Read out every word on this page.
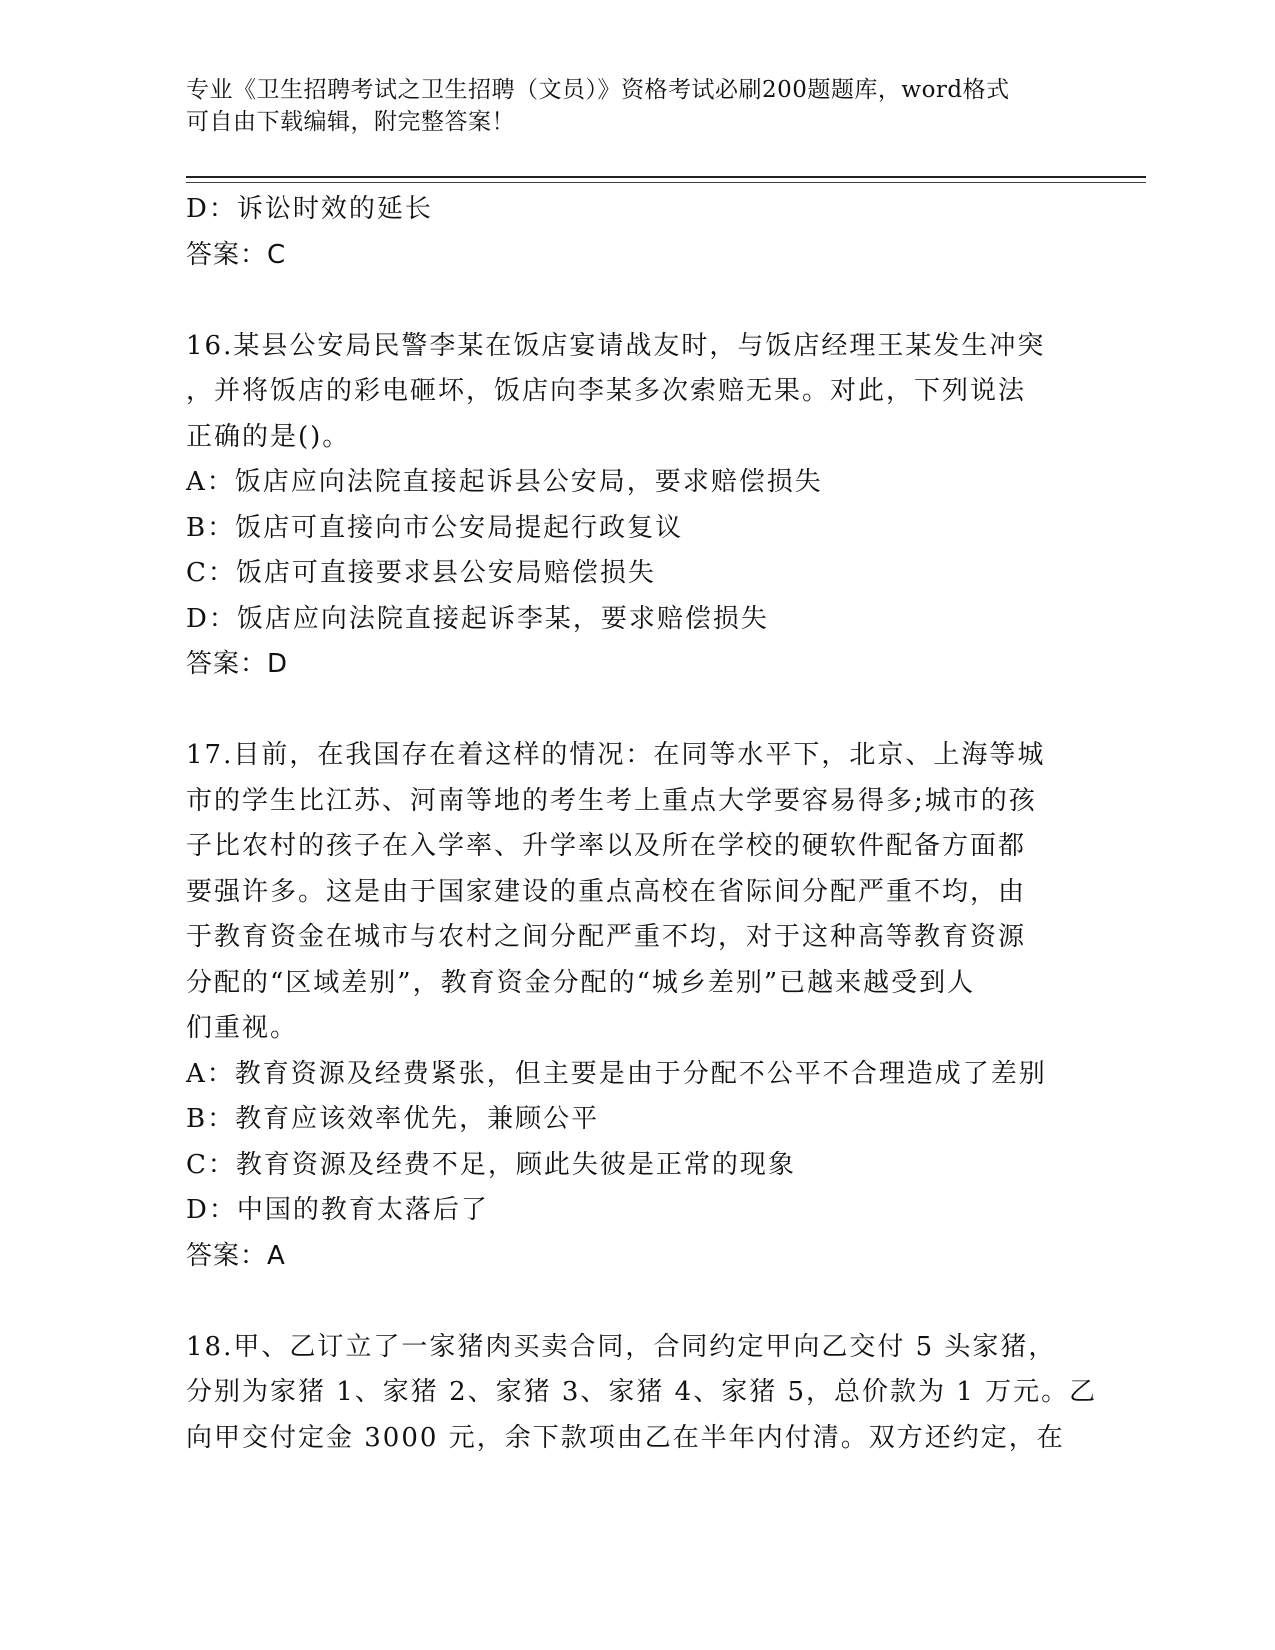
专业《卫生招聘考试之卫生招聘（文员）》资格考试必刷200题题库，word格式
可自由下载编辑，附完整答案！
D：诉讼时效的延长
答案：C
16.某县公安局民警李某在饭店宴请战友时，与饭店经理王某发生冲突
，并将饭店的彩电砸坏，饭店向李某多次索赔无果。对此，下列说法
正确的是()。
A：饭店应向法院直接起诉县公安局，要求赔偿损失
B：饭店可直接向市公安局提起行政复议
C：饭店可直接要求县公安局赔偿损失
D：饭店应向法院直接起诉李某，要求赔偿损失
答案：D
17.目前，在我国存在着这样的情况：在同等水平下，北京、上海等城
市的学生比江苏、河南等地的考生考上重点大学要容易得多;城市的孩
子比农村的孩子在入学率、升学率以及所在学校的硬软件配备方面都
要强许多。这是由于国家建设的重点高校在省际间分配严重不均，由
于教育资金在城市与农村之间分配严重不均，对于这种高等教育资源
分配的“区域差别”，教育资金分配的“城乡差别”已越来越受到人
们重视。
A：教育资源及经费紧张，但主要是由于分配不公平不合理造成了差别
B：教育应该效率优先，兼顾公平
C：教育资源及经费不足，顾此失彼是正常的现象
D：中国的教育太落后了
答案：A
18.甲、乙订立了一家猪肉买卖合同，合同约定甲向乙交付 5 头家猪，
分别为家猪 1、家猪 2、家猪 3、家猪 4、家猪 5，总价款为 1 万元。乙
向甲交付定金 3000 元，余下款项由乙在半年内付清。双方还约定，在
